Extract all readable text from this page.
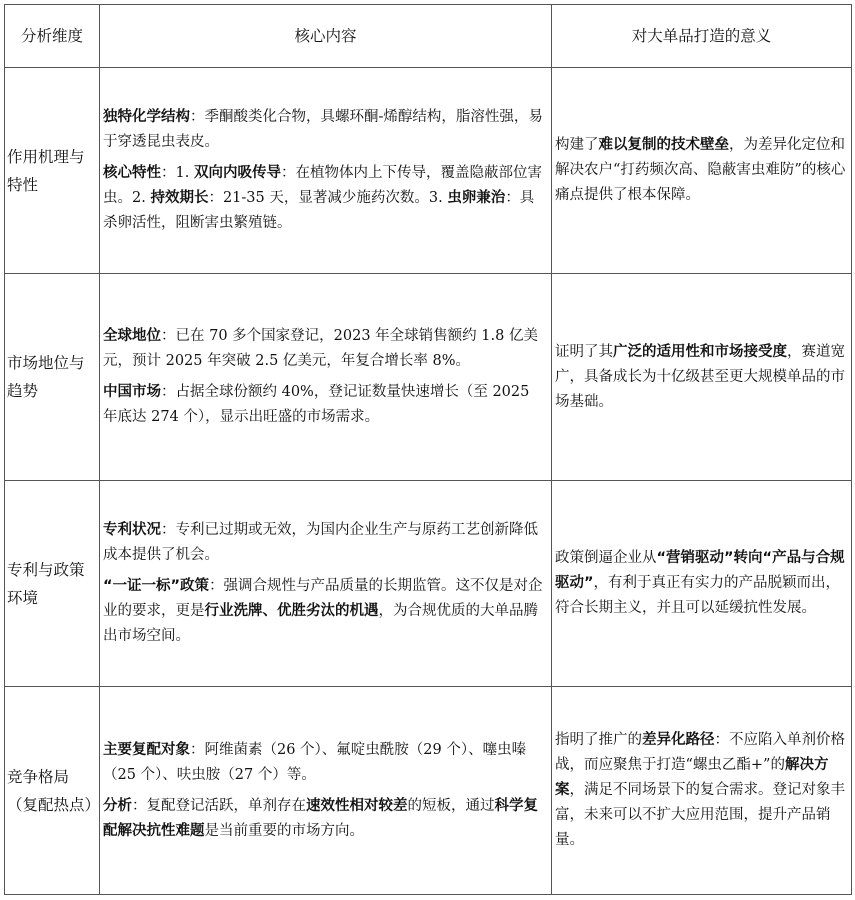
分析维度	核心内容	对大单品打造的意义
作用机理与特性	独特化学结构：季酮酸类化合物，具螺环酮-烯醇结构，脂溶性强，易于穿透昆虫表皮。

核心特性：1. 双向内吸传导：在植物体内上下传导，覆盖隐蔽部位害虫。2. 持效期长：21-35 天，显著减少施药次数。3. 虫卵兼治：具杀卵活性，阻断害虫繁殖链。	构建了难以复制的技术壁垒，为差异化定位和解决农户“打药频次高、隐蔽害虫难防”的核心痛点提供了根本保障。

市场地位与趋势	全球地位：已在 70 多个国家登记，2023 年全球销售额约 1.8 亿美元，预计 2025 年突破 2.5 亿美元，年复合增长率 8%。

中国市场：占据全球份额约 40%，登记证数量快速增长（至 2025 年底达 274 个），显示出旺盛的市场需求。	证明了其广泛的适用性和市场接受度，赛道宽广，具备成长为十亿级甚至更大规模单品的市场基础。

专利与政策环境	专利状况：专利已过期或无效，为国内企业生产与原药工艺创新降低成本提供了机会。

“一证一标”政策：强调合规性与产品质量的长期监管。这不仅是对企业的要求，更是行业洗牌、优胜劣汰的机遇，为合规优质的大单品腾出市场空间。	政策倒逼企业从“营销驱动”转向“产品与合规驱动”，有利于真正有实力的产品脱颖而出，符合长期主义，并且可以延缓抗性发展。

竞争格局（复配热点）	主要复配对象：阿维菌素（26 个）、氟啶虫酰胺（29 个）、噻虫嗪（25 个）、呋虫胺（27 个）等。

分析：复配登记活跃，单剂存在速效性相对较差的短板，通过科学复配解决抗性难题是当前重要的市场方向。	指明了推广的差异化路径：不应陷入单剂价格战，而应聚焦于打造“螺虫乙酯+”的解决方案，满足不同场景下的复合需求。登记对象丰富，未来可以不扩大应用范围，提升产品销量。
